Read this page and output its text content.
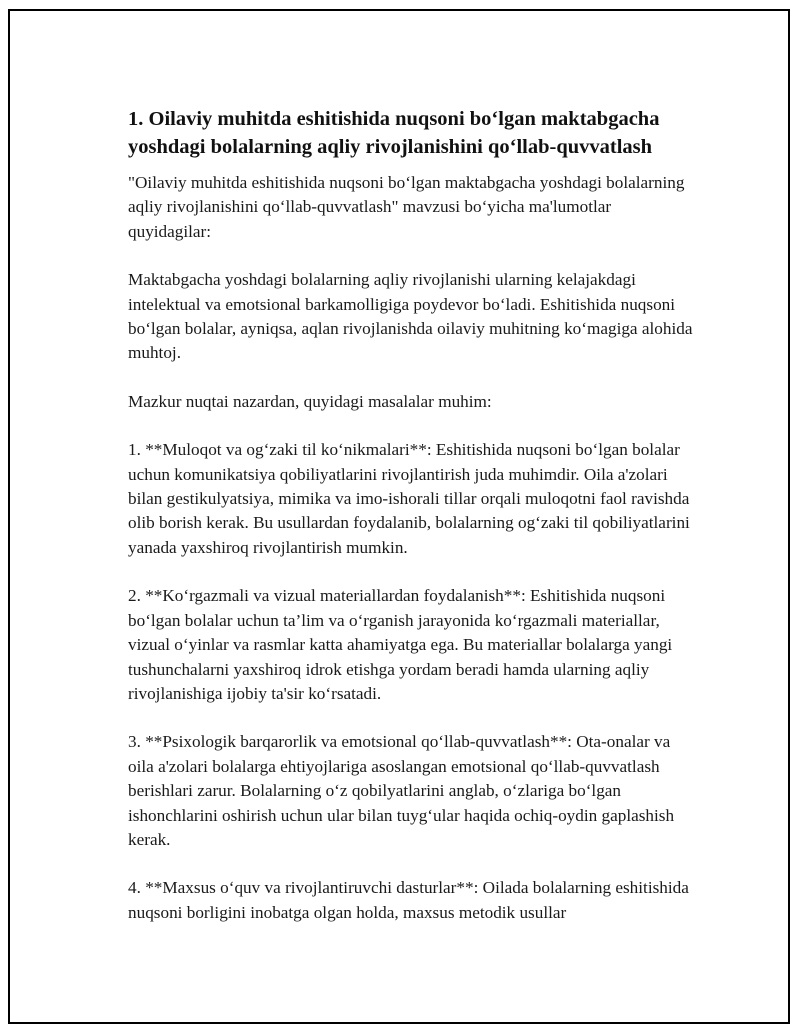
1. Oilaviy muhitda eshitishida nuqsoni bo‘lgan maktabgacha yoshdagi bolalarning aqliy rivojlanishini qo‘llab-quvvatlash

"Oilaviy muhitda eshitishida nuqsoni bo‘lgan maktabgacha yoshdagi bolalarning aqliy rivojlanishini qo‘llab-quvvatlash" mavzusi bo‘yicha ma'lumotlar quyidagilar:

Maktabgacha yoshdagi bolalarning aqliy rivojlanishi ularning kelajakdagi intelektual va emotsional barkamolligiga poydevor bo‘ladi. Eshitishida nuqsoni bo‘lgan bolalar, ayniqsa, aqlan rivojlanishda oilaviy muhitning ko‘magiga alohida muhtoj.

Mazkur nuqtai nazardan, quyidagi masalalar muhim:

1. **Muloqot va og‘zaki til ko‘nikmalari**: Eshitishida nuqsoni bo‘lgan bolalar uchun komunikatsiya qobiliyatlarini rivojlantirish juda muhimdir. Oila a'zolari bilan gestikulyatsiya, mimika va imo-ishorali tillar orqali muloqotni faol ravishda olib borish kerak. Bu usullardan foydalanib, bolalarning og‘zaki til qobiliyatlarini yanada yaxshiroq rivojlantirish mumkin.

2. **Ko‘rgazmali va vizual materiallardan foydalanish**: Eshitishida nuqsoni bo‘lgan bolalar uchun ta’lim va o‘rganish jarayonida ko‘rgazmali materiallar, vizual o‘yinlar va rasmlar katta ahamiyatga ega. Bu materiallar bolalarga yangi tushunchalarni yaxshiroq idrok etishga yordam beradi hamda ularning aqliy rivojlanishiga ijobiy ta'sir ko‘rsatadi.

3. **Psixologik barqarorlik va emotsional qo‘llab-quvvatlash**: Ota-onalar va oila a'zolari bolalarga ehtiyojlariga asoslangan emotsional qo‘llab-quvvatlash berishlari zarur. Bolalarning o‘z qobilyatlarini anglab, o‘zlariga bo‘lgan ishonchlarini oshirish uchun ular bilan tuyg‘ular haqida ochiq-oydin gaplashish kerak.

4. **Maxsus o‘quv va rivojlantiruvchi dasturlar**: Oilada bolalarning eshitishida nuqsoni borligini inobatga olgan holda, maxsus metodik usullar
